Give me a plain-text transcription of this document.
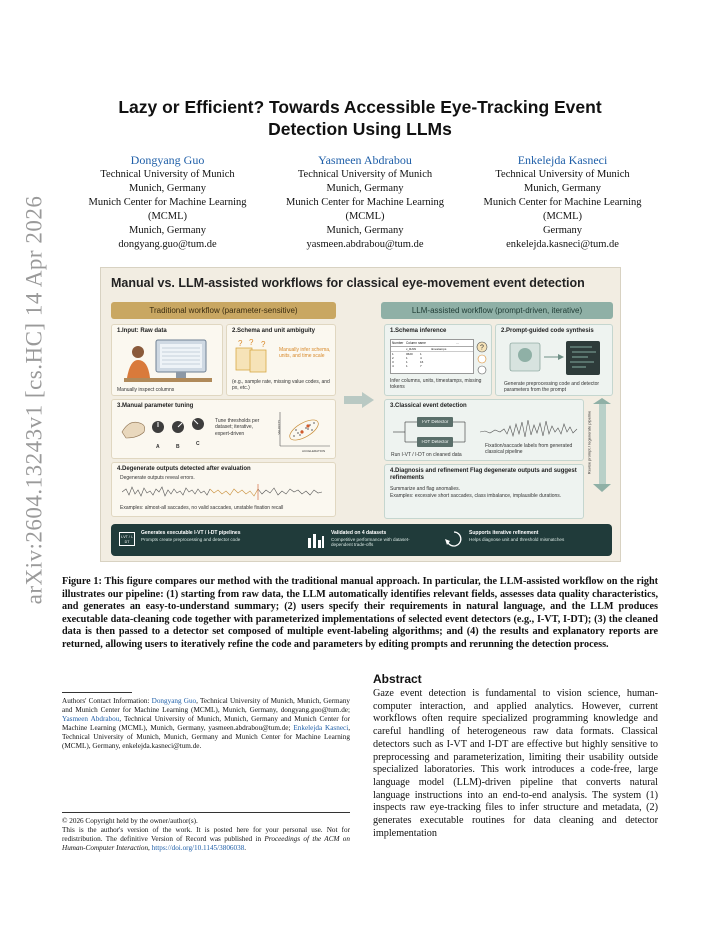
arXiv:2604.13243v1 [cs.HC] 14 Apr 2026
Lazy or Efficient? Towards Accessible Eye-Tracking Event Detection Using LLMs
Dongyang Guo
Technical University of Munich
Munich, Germany
Munich Center for Machine Learning
(MCML)
Munich, Germany
dongyang.guo@tum.de
Yasmeen Abdrabou
Technical University of Munich
Munich, Germany
Munich Center for Machine Learning
(MCML)
Munich, Germany
yasmeen.abdrabou@tum.de
Enkelejda Kasneci
Technical University of Munich
Munich, Germany
Munich Center for Machine Learning
(MCML)
Germany
enkelejda.kasneci@tum.de
Manual vs. LLM-assisted workflows for classical eye-movement event detection
Traditional workflow (parameter-sensitive)	LLM-assisted workflow (prompt-driven, iterative)
1.Input: Raw data
Manually inspect columns
2.Schema and unit ambiguity
? ? ?
Manually infer schema, units, and time scale
(e.g., sample rate, missing value codes, and px, etc.)
3.Manual parameter tuning
A	B	C
Tune thresholds per dataset; iterative, expert-driven
ACCELERATION
VELOCITY
4.Degenerate outputs detected after evaluation
Degenerate outputs reveal errors.
Examples: almost-all saccades, no valid saccades, unstable fixation recall
1.Schema inference
Number Column name	...
x_RAW	timestamps
1	0620	1
2	1	4
3	1	16
4	1	7
?
Infer columns, units, timestamps, missing tokens
2.Prompt-guided code synthesis
Generate preprocessing code and detector parameters from the prompt
3.Classical event detection
I-VT Detector
I-DT Detector
Run I-VT / I-DT on cleaned data
Fixation/saccade labels from generated classical pipeline
4.Diagnosis and refinement Flag degenerate outputs and suggest refinements
Summarize and flag anomalies.
Examples: excessive short saccades, class imbalance, implausible durations.
Revise prompt / regenerate pipeline
I-VT / I-DT
Generates executable I-VT / I-DT pipelines
Prompts create preprocessing and detector code
Validated on 4 datasets
Competitive performance with dataset-dependent trade-offs
Supports iterative refinement
Helps diagnose unit and threshold mismatches
Figure 1: This figure compares our method with the traditional manual approach. In particular, the LLM-assisted workflow on the right illustrates our pipeline: (1) starting from raw data, the LLM automatically identifies relevant fields, assesses data quality characteristics, and generates an easy-to-understand summary; (2) users specify their requirements in natural language, and the LLM produces executable data-cleaning code together with parameterized implementations of selected event detectors (e.g., I-VT, I-DT); (3) the cleaned data is then passed to a detector set composed of multiple event-labeling algorithms; and (4) the results and explanatory reports are returned, allowing users to iteratively refine the code and parameters by editing prompts and rerunning the detection process.
Abstract
Gaze event detection is fundamental to vision science, human-computer interaction, and applied analytics. However, current workflows often require specialized programming knowledge and careful handling of heterogeneous raw data formats. Classical detectors such as I-VT and I-DT are effective but highly sensitive to preprocessing and parameterization, limiting their usability outside specialized laboratories. This work introduces a code-free, large language model (LLM)-driven pipeline that converts natural language instructions into an end-to-end analysis. The system (1) inspects raw eye-tracking files to infer structure and metadata, (2) generates executable routines for data cleaning and detector implementation
Authors' Contact Information: Dongyang Guo, Technical University of Munich, Munich, Germany and Munich Center for Machine Learning (MCML), Munich, Germany, dongyang.guo@tum.de; Yasmeen Abdrabou, Technical University of Munich, Munich, Germany and Munich Center for Machine Learning (MCML), Munich, Germany, yasmeen.abdrabou@tum.de; Enkelejda Kasneci, Technical University of Munich, Munich, Germany and Munich Center for Machine Learning (MCML), Germany, enkelejda.kasneci@tum.de.
© 2026 Copyright held by the owner/author(s).
This is the author's version of the work. It is posted here for your personal use. Not for redistribution. The definitive Version of Record was published in Proceedings of the ACM on Human-Computer Interaction, https://doi.org/10.1145/3806038.
